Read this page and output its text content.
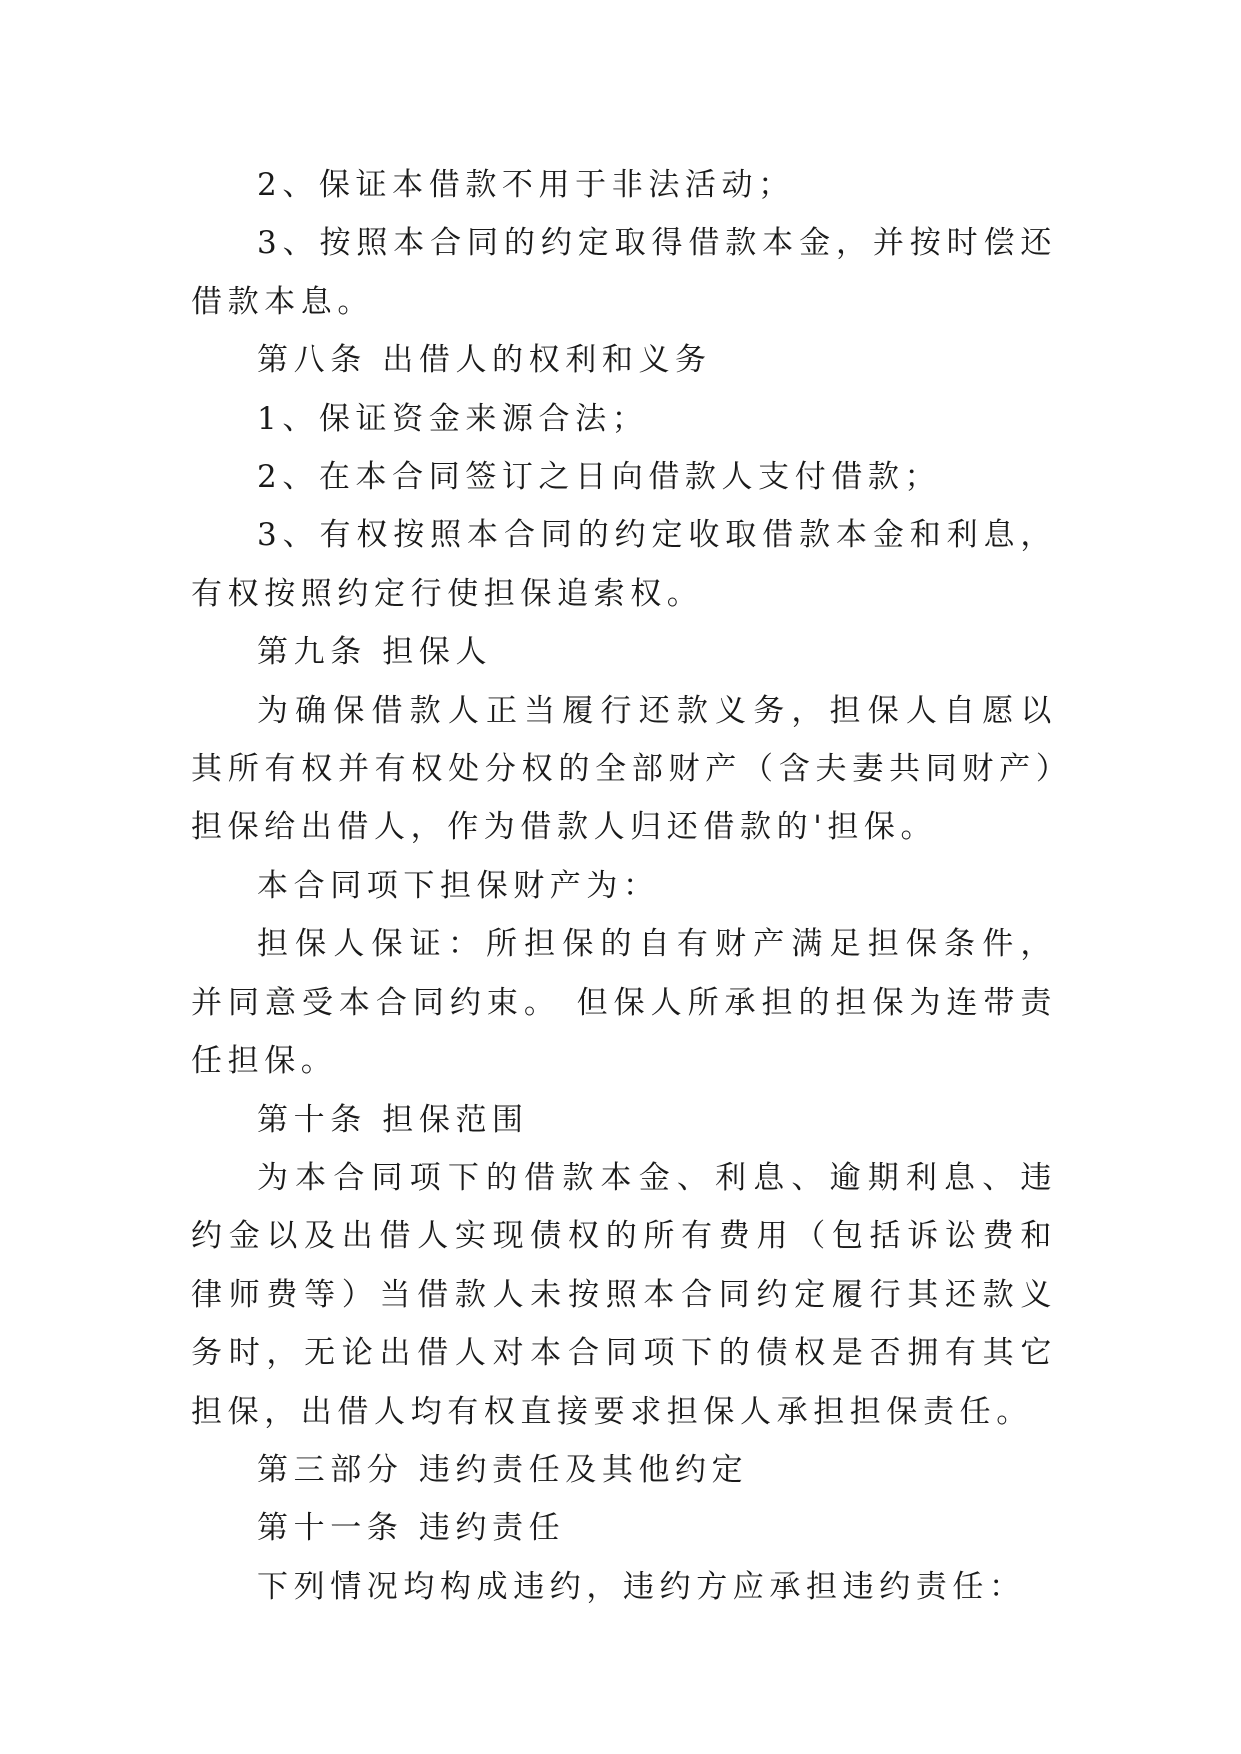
2、保证本借款不用于非法活动；

3、按照本合同的约定取得借款本金，并按时偿还借款本息。

第八条 出借人的权利和义务

1、保证资金来源合法；

2、在本合同签订之日向借款人支付借款；

3、有权按照本合同的约定收取借款本金和利息，有权按照约定行使担保追索权。

第九条 担保人

为确保借款人正当履行还款义务，担保人自愿以其所有权并有权处分权的全部财产（含夫妻共同财产）担保给出借人，作为借款人归还借款的'担保。

本合同项下担保财产为：

担保人保证：所担保的自有财产满足担保条件，并同意受本合同约束。 但保人所承担的担保为连带责任担保。

第十条 担保范围

为本合同项下的借款本金、利息、逾期利息、违约金以及出借人实现债权的所有费用（包括诉讼费和律师费等）当借款人未按照本合同约定履行其还款义务时，无论出借人对本合同项下的债权是否拥有其它担保，出借人均有权直接要求担保人承担担保责任。

第三部分 违约责任及其他约定

第十一条 违约责任

下列情况均构成违约，违约方应承担违约责任：
